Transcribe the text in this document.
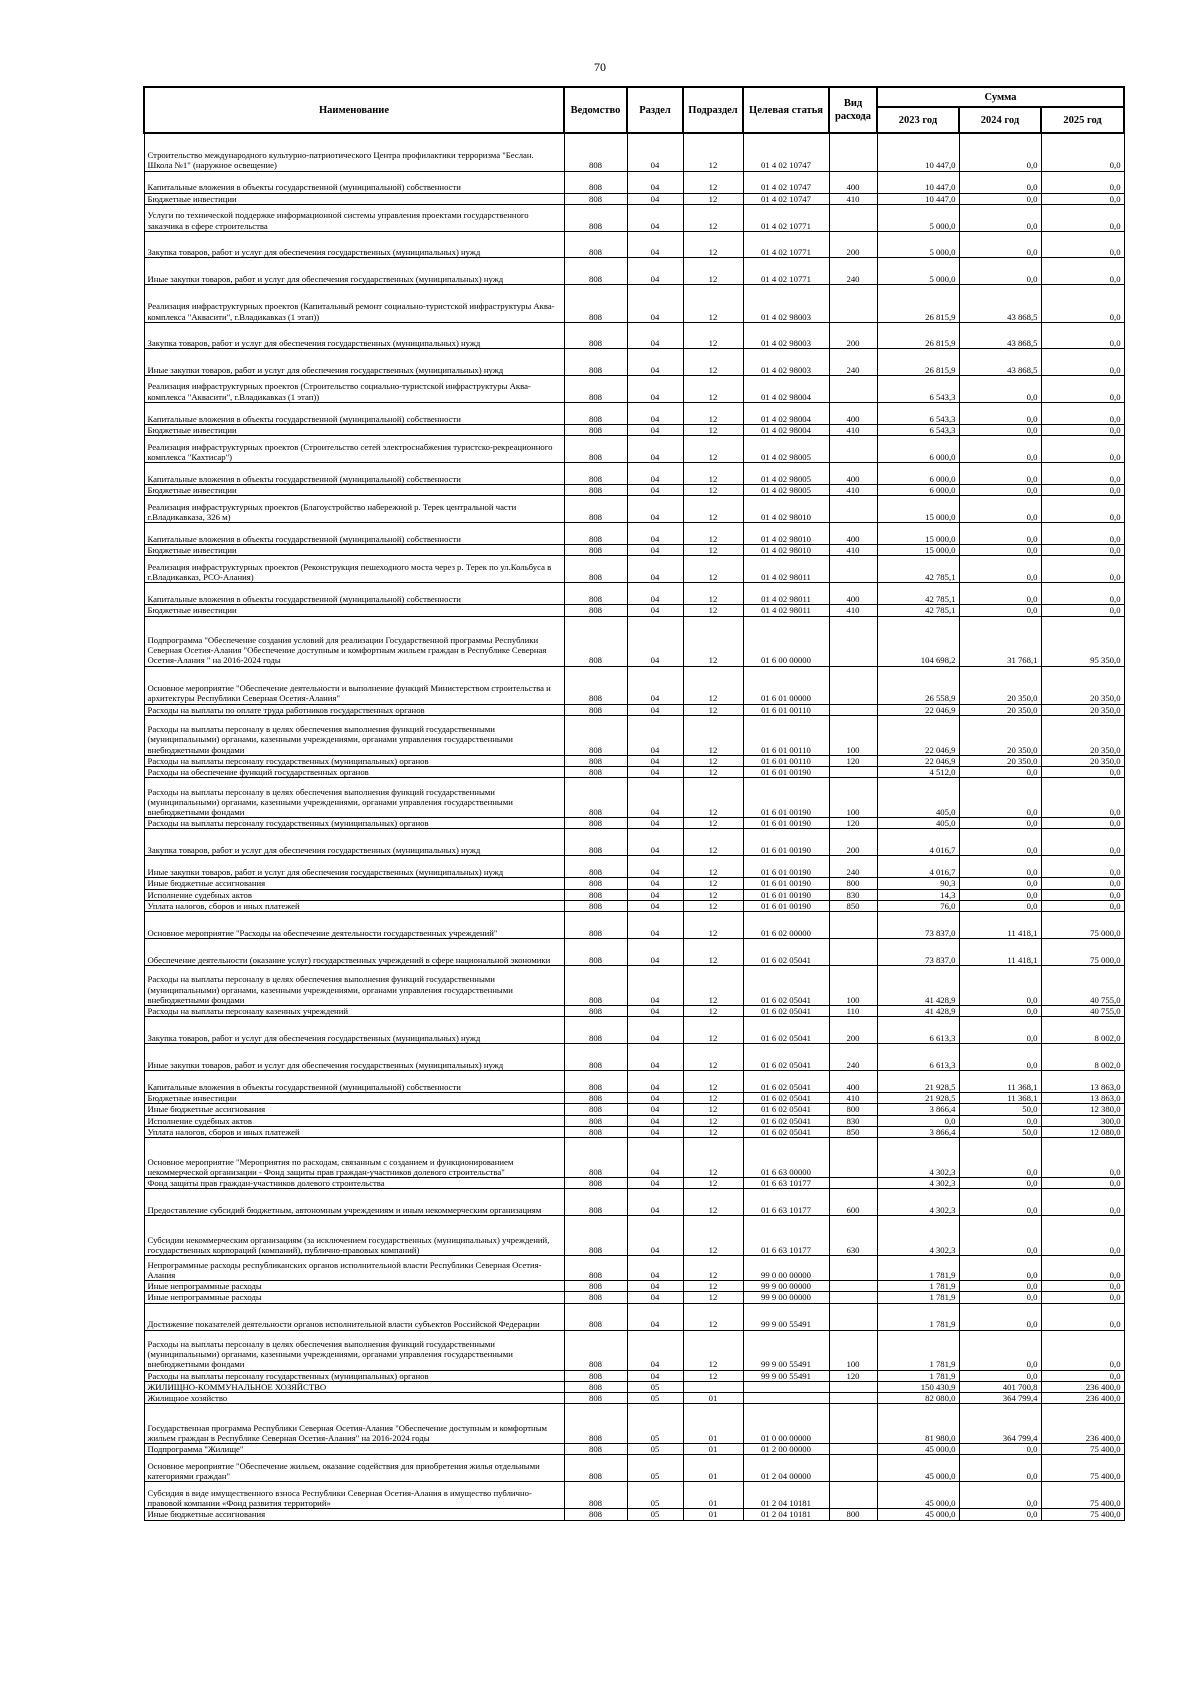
70
Наименование	Ведомство	Раздел	Подраздел	Целевая статья	Вид расхода	Сумма		
						2023 год	2024 год	2025 год
Строительство международного культурно-патриотического Центра профилактики терроризма "Беслан. Школа №1" (наружное освещение)	808	04	12	01 4 02 10747		10 447,0	0,0	0,0
Капитальные вложения в объекты государственной (муниципальной) собственности	808	04	12	01 4 02 10747	400	10 447,0	0,0	0,0
Бюджетные инвестиции	808	04	12	01 4 02 10747	410	10 447,0	0,0	0,0
Услуги по технической поддержке информационной системы управления проектами государственного заказчика в сфере строительства	808	04	12	01 4 02 10771		5 000,0	0,0	0,0
Закупка товаров, работ и услуг для обеспечения государственных (муниципальных) нужд	808	04	12	01 4 02 10771	200	5 000,0	0,0	0,0
Иные закупки товаров, работ и услуг для обеспечения государственных (муниципальных) нужд	808	04	12	01 4 02 10771	240	5 000,0	0,0	0,0
Реализация инфраструктурных проектов (Капитальный ремонт социально-туристской инфраструктуры Аква-комплекса "Аквасити", г.Владикавказ (1 этап))	808	04	12	01 4 02 98003		26 815,9	43 868,5	0,0
Закупка товаров, работ и услуг для обеспечения государственных (муниципальных) нужд	808	04	12	01 4 02 98003	200	26 815,9	43 868,5	0,0
Иные закупки товаров, работ и услуг для обеспечения государственных (муниципальных) нужд	808	04	12	01 4 02 98003	240	26 815,9	43 868,5	0,0
Реализация инфраструктурных проектов (Строительство социально-туристской инфраструктуры Аква-комплекса "Аквасити", г.Владикавказ (1 этап))	808	04	12	01 4 02 98004		6 543,3	0,0	0,0
Капитальные вложения в объекты государственной (муниципальной) собственности	808	04	12	01 4 02 98004	400	6 543,3	0,0	0,0
Бюджетные инвестиции	808	04	12	01 4 02 98004	410	6 543,3	0,0	0,0
Реализация инфраструктурных проектов (Строительство сетей электроснабжения туристско-рекреационного комплекса "Кахтисар")	808	04	12	01 4 02 98005		6 000,0	0,0	0,0
Капитальные вложения в объекты государственной (муниципальной) собственности	808	04	12	01 4 02 98005	400	6 000,0	0,0	0,0
Бюджетные инвестиции	808	04	12	01 4 02 98005	410	6 000,0	0,0	0,0
Реализация инфраструктурных проектов (Благоустройство набережной р. Терек центральной части г.Владикавказа, 326 м)	808	04	12	01 4 02 98010		15 000,0	0,0	0,0
Капитальные вложения в объекты государственной (муниципальной) собственности	808	04	12	01 4 02 98010	400	15 000,0	0,0	0,0
Бюджетные инвестиции	808	04	12	01 4 02 98010	410	15 000,0	0,0	0,0
Реализация инфраструктурных проектов (Реконструкция пешеходного моста через р. Терек по ул.Кольбуса в г.Владикавказ, РСО-Алания)	808	04	12	01 4 02 98011		42 785,1	0,0	0,0
Капитальные вложения в объекты государственной (муниципальной) собственности	808	04	12	01 4 02 98011	400	42 785,1	0,0	0,0
Бюджетные инвестиции	808	04	12	01 4 02 98011	410	42 785,1	0,0	0,0
Подпрограмма "Обеспечение создания условий для реализации Государственной программы Республики Северная Осетия-Алания "Обеспечение доступным и комфортным жильем граждан в Республике Северная Осетия-Алания " на 2016-2024 годы	808	04	12	01 6 00 00000		104 698,2	31 768,1	95 350,0
Основное мероприятие "Обеспечение деятельности и выполнение функций Министерством строительства и архитектуры Республики Северная Осетия-Алания"	808	04	12	01 6 01 00000		26 558,9	20 350,0	20 350,0
Расходы на выплаты по оплате труда работников государственных органов	808	04	12	01 6 01 00110		22 046,9	20 350,0	20 350,0
Расходы на выплаты персоналу в целях обеспечения выполнения функций государственными (муниципальными) органами, казенными учреждениями, органами управления государственными внебюджетными фондами	808	04	12	01 6 01 00110	100	22 046,9	20 350,0	20 350,0
Расходы на выплаты персоналу государственных (муниципальных) органов	808	04	12	01 6 01 00110	120	22 046,9	20 350,0	20 350,0
Расходы на обеспечение функций государственных органов	808	04	12	01 6 01 00190		4 512,0	0,0	0,0
Расходы на выплаты персоналу в целях обеспечения выполнения функций государственными (муниципальными) органами, казенными учреждениями, органами управления государственными внебюджетными фондами	808	04	12	01 6 01 00190	100	405,0	0,0	0,0
Расходы на выплаты персоналу государственных (муниципальных) органов	808	04	12	01 6 01 00190	120	405,0	0,0	0,0
Закупка товаров, работ и услуг для обеспечения государственных (муниципальных) нужд	808	04	12	01 6 01 00190	200	4 016,7	0,0	0,0
Иные закупки товаров, работ и услуг для обеспечения государственных (муниципальных) нужд	808	04	12	01 6 01 00190	240	4 016,7	0,0	0,0
Иные бюджетные ассигнования	808	04	12	01 6 01 00190	800	90,3	0,0	0,0
Исполнение судебных актов	808	04	12	01 6 01 00190	830	14,3	0,0	0,0
Уплата налогов, сборов и иных платежей	808	04	12	01 6 01 00190	850	76,0	0,0	0,0
Основное мероприятие "Расходы на обеспечение деятельности государственных учреждений"	808	04	12	01 6 02 00000		73 837,0	11 418,1	75 000,0
Обеспечение деятельности (оказание услуг) государственных учреждений в сфере национальной экономики	808	04	12	01 6 02 05041		73 837,0	11 418,1	75 000,0
Расходы на выплаты персоналу в целях обеспечения выполнения функций государственными (муниципальными) органами, казенными учреждениями, органами управления государственными внебюджетными фондами	808	04	12	01 6 02 05041	100	41 428,9	0,0	40 755,0
Расходы на выплаты персоналу казенных учреждений	808	04	12	01 6 02 05041	110	41 428,9	0,0	40 755,0
Закупка товаров, работ и услуг для обеспечения государственных (муниципальных) нужд	808	04	12	01 6 02 05041	200	6 613,3	0,0	8 002,0
Иные закупки товаров, работ и услуг для обеспечения государственных (муниципальных) нужд	808	04	12	01 6 02 05041	240	6 613,3	0,0	8 002,0
Капитальные вложения в объекты государственной (муниципальной) собственности	808	04	12	01 6 02 05041	400	21 928,5	11 368,1	13 863,0
Бюджетные инвестиции	808	04	12	01 6 02 05041	410	21 928,5	11 368,1	13 863,0
Иные бюджетные ассигнования	808	04	12	01 6 02 05041	800	3 866,4	50,0	12 380,0
Исполнение судебных актов	808	04	12	01 6 02 05041	830	0,0	0,0	300,0
Уплата налогов, сборов и иных платежей	808	04	12	01 6 02 05041	850	3 866,4	50,0	12 080,0
Основное мероприятие "Мероприятия по расходам, связанным с созданием и функционированием некоммерческой организации - Фонд защиты прав граждан-участников долевого строительства"	808	04	12	01 6 63 00000		4 302,3	0,0	0,0
Фонд защиты прав граждан-участников долевого строительства	808	04	12	01 6 63 10177		4 302,3	0,0	0,0
Предоставление субсидий бюджетным, автономным учреждениям и иным некоммерческим организациям	808	04	12	01 6 63 10177	600	4 302,3	0,0	0,0
Субсидии некоммерческим организациям (за исключением государственных (муниципальных) учреждений, государственных корпораций (компаний), публично-правовых компаний)	808	04	12	01 6 63 10177	630	4 302,3	0,0	0,0
Непрограммные расходы республиканских органов исполнительной власти Республики Северная Осетия-Алания	808	04	12	99 0 00 00000		1 781,9	0,0	0,0
Иные непрограммные расходы	808	04	12	99 9 00 00000		1 781,9	0,0	0,0
Иные непрограммные расходы	808	04	12	99 9 00 00000		1 781,9	0,0	0,0
Достижение показателей деятельности органов исполнительной власти субъектов Российской Федерации	808	04	12	99 9 00 55491		1 781,9	0,0	0,0
Расходы на выплаты персоналу в целях обеспечения выполнения функций государственными (муниципальными) органами, казенными учреждениями, органами управления государственными внебюджетными фондами	808	04	12	99 9 00 55491	100	1 781,9	0,0	0,0
Расходы на выплаты персоналу государственных (муниципальных) органов	808	04	12	99 9 00 55491	120	1 781,9	0,0	0,0
ЖИЛИЩНО-КОММУНАЛЬНОЕ ХОЗЯЙСТВО	808	05				150 430,9	401 700,8	236 400,0
Жилищное хозяйство	808	05	01			82 080,0	364 799,4	236 400,0
Государственная программа Республики Северная Осетия-Алания "Обеспечение доступным и комфортным жильем граждан в Республике Северная Осетия-Алания" на 2016-2024 годы	808	05	01	01 0 00 00000		81 980,0	364 799,4	236 400,0
Подпрограмма "Жилище"	808	05	01	01 2 00 00000		45 000,0	0,0	75 400,0
Основное мероприятие "Обеспечение жильем, оказание содействия для приобретения жилья отдельными категориями граждан"	808	05	01	01 2 04 00000		45 000,0	0,0	75 400,0
Субсидия в виде имущественного взноса Республики Северная Осетия-Алания в имущество публично-правовой компании «Фонд развития территорий»	808	05	01	01 2 04 10181		45 000,0	0,0	75 400,0
Иные бюджетные ассигнования	808	05	01	01 2 04 10181	800	45 000,0	0,0	75 400,0
